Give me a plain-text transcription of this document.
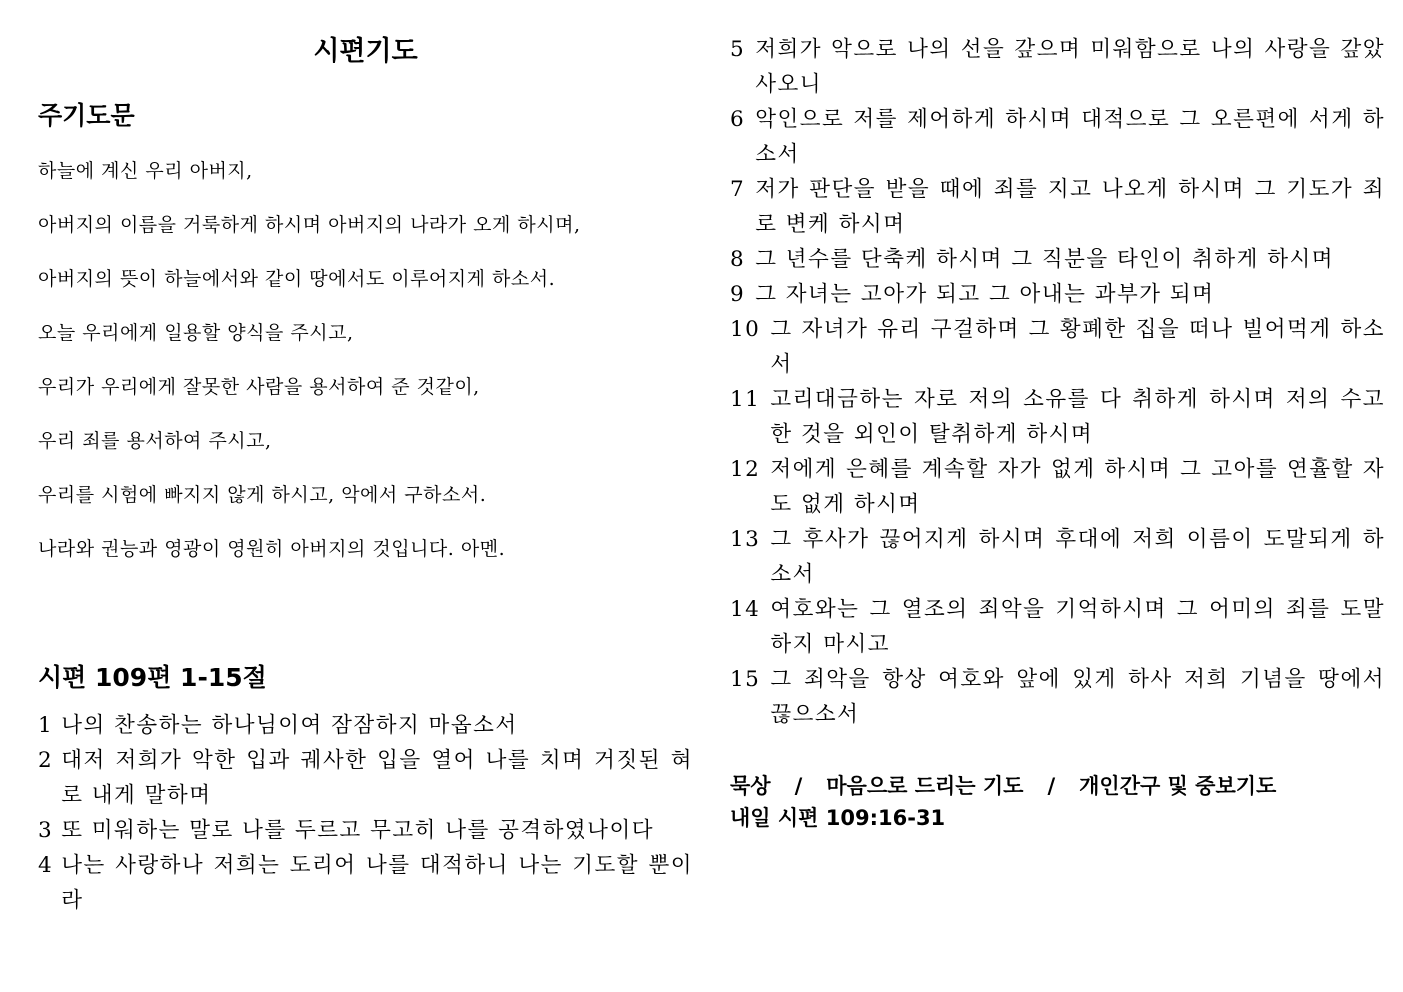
시편기도
주기도문
하늘에 계신 우리 아버지,
아버지의 이름을 거룩하게 하시며 아버지의 나라가 오게 하시며,
아버지의 뜻이 하늘에서와 같이 땅에서도 이루어지게 하소서.
오늘 우리에게 일용할 양식을 주시고,
우리가 우리에게 잘못한 사람을 용서하여 준 것같이,
우리 죄를 용서하여 주시고,
우리를 시험에 빠지지 않게 하시고, 악에서 구하소서.
나라와 권능과 영광이 영원히 아버지의 것입니다. 아멘.
시편 109편 1-15절
1 나의 찬송하는 하나님이여 잠잠하지 마옵소서
2 대저 저희가 악한 입과 궤사한 입을 열어 나를 치며 거짓된 혀로 내게 말하며
3 또 미워하는 말로 나를 두르고 무고히 나를 공격하였나이다
4 나는 사랑하나 저희는 도리어 나를 대적하니 나는 기도할 뿐이라
5 저희가 악으로 나의 선을 갚으며 미워함으로 나의 사랑을 갚았사오니
6 악인으로 저를 제어하게 하시며 대적으로 그 오른편에 서게 하소서
7 저가 판단을 받을 때에 죄를 지고 나오게 하시며 그 기도가 죄로 변케 하시며
8 그 년수를 단축케 하시며 그 직분을 타인이 취하게 하시며
9 그 자녀는 고아가 되고 그 아내는 과부가 되며
10 그 자녀가 유리 구걸하며 그 황폐한 집을 떠나 빌어먹게 하소서
11 고리대금하는 자로 저의 소유를 다 취하게 하시며 저의 수고한 것을 외인이 탈취하게 하시며
12 저에게 은혜를 계속할 자가 없게 하시며 그 고아를 연휼할 자도 없게 하시며
13 그 후사가 끊어지게 하시며 후대에 저희 이름이 도말되게 하소서
14 여호와는 그 열조의 죄악을 기억하시며 그 어미의 죄를 도말하지 마시고
15 그 죄악을 항상 여호와 앞에 있게 하사 저희 기념을 땅에서 끊으소서
묵상 / 마음으로 드리는 기도 / 개인간구 및 중보기도
내일 시편 109:16-31
